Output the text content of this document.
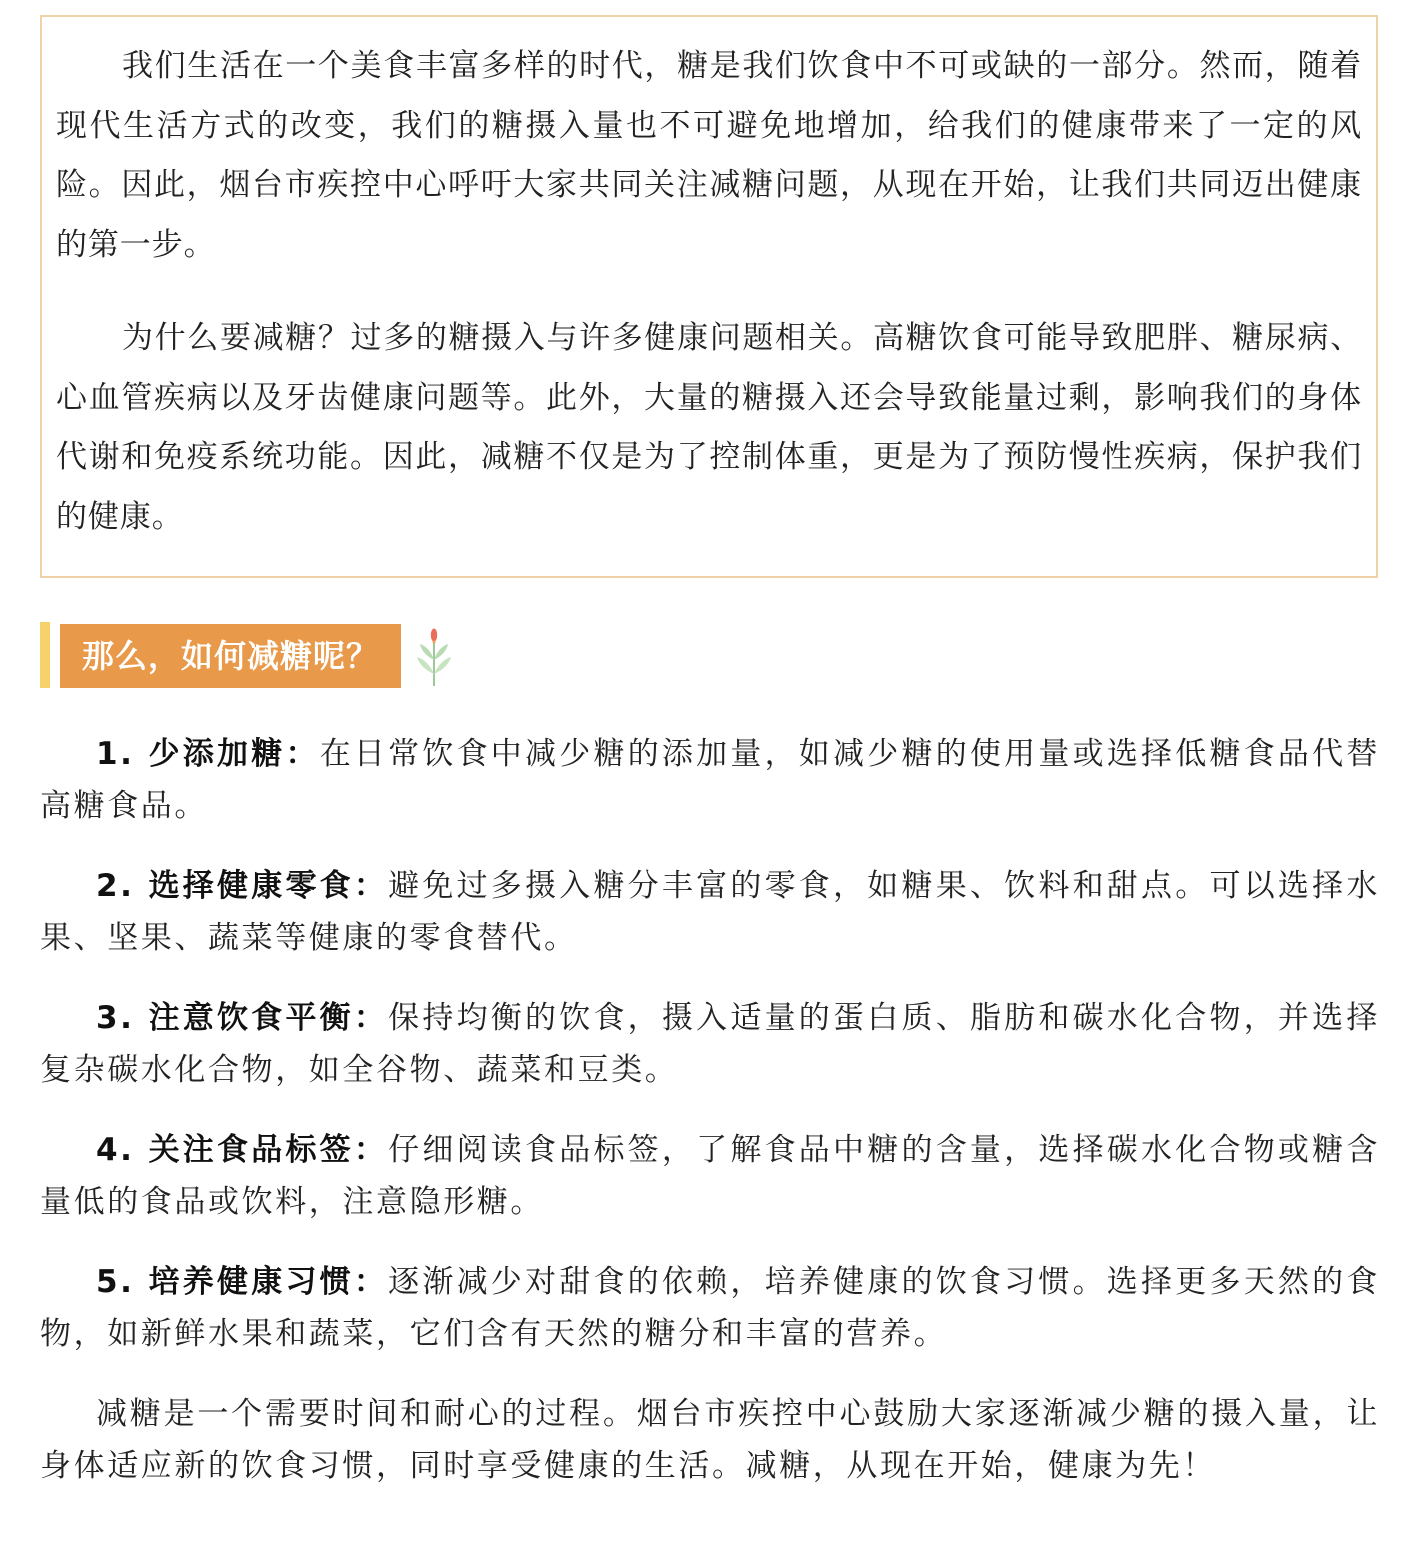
我们生活在一个美食丰富多样的时代，糖是我们饮食中不可或缺的一部分。然而，随着现代生活方式的改变，我们的糖摄入量也不可避免地增加，给我们的健康带来了一定的风险。因此，烟台市疾控中心呼吁大家共同关注减糖问题，从现在开始，让我们共同迈出健康的第一步。

为什么要减糖？过多的糖摄入与许多健康问题相关。高糖饮食可能导致肥胖、糖尿病、心血管疾病以及牙齿健康问题等。此外，大量的糖摄入还会导致能量过剩，影响我们的身体代谢和免疫系统功能。因此，减糖不仅是为了控制体重，更是为了预防慢性疾病，保护我们的健康。

那么，如何减糖呢？

1. 少添加糖：在日常饮食中减少糖的添加量，如减少糖的使用量或选择低糖食品代替高糖食品。

2. 选择健康零食：避免过多摄入糖分丰富的零食，如糖果、饮料和甜点。可以选择水果、坚果、蔬菜等健康的零食替代。

3. 注意饮食平衡：保持均衡的饮食，摄入适量的蛋白质、脂肪和碳水化合物，并选择复杂碳水化合物，如全谷物、蔬菜和豆类。

4. 关注食品标签：仔细阅读食品标签，了解食品中糖的含量，选择碳水化合物或糖含量低的食品或饮料，注意隐形糖。

5. 培养健康习惯：逐渐减少对甜食的依赖，培养健康的饮食习惯。选择更多天然的食物，如新鲜水果和蔬菜，它们含有天然的糖分和丰富的营养。

减糖是一个需要时间和耐心的过程。烟台市疾控中心鼓励大家逐渐减少糖的摄入量，让身体适应新的饮食习惯，同时享受健康的生活。减糖，从现在开始，健康为先！
